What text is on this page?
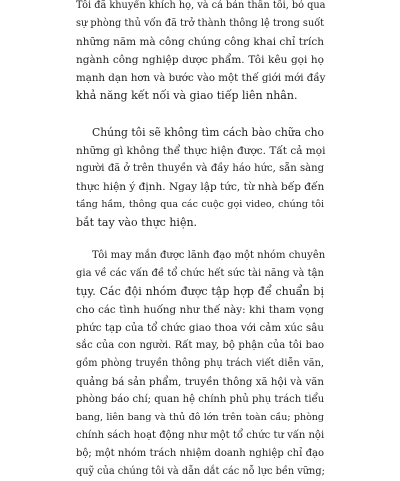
Tôi đã khuyến khích họ, và cả bản thân tôi, bỏ qua
sự phòng thủ vốn đã trở thành thông lệ trong suốt
những năm mà công chúng công khai chỉ trích
ngành công nghiệp dược phẩm. Tôi kêu gọi họ
mạnh dạn hơn và bước vào một thế giới mới đầy
khả năng kết nối và giao tiếp liên nhân.
Chúng tôi sẽ không tìm cách bào chữa cho
những gì không thể thực hiện được. Tất cả mọi
người đã ở trên thuyền và đầy háo hức, sẵn sàng
thực hiện ý định. Ngay lập tức, từ nhà bếp đến
tầng hầm, thông qua các cuộc gọi video, chúng tôi
bắt tay vào thực hiện.
Tôi may mắn được lãnh đạo một nhóm chuyên
gia về các vấn đề tổ chức hết sức tài năng và tận
tụy. Các đội nhóm được tập hợp để chuẩn bị
cho các tình huống như thế này: khi tham vọng
phức tạp của tổ chức giao thoa với cảm xúc sâu
sắc của con người. Rất may, bộ phận của tôi bao
gồm phòng truyền thông phụ trách viết diễn văn,
quảng bá sản phẩm, truyền thông xã hội và văn
phòng báo chí; quan hệ chính phủ phụ trách tiểu
bang, liên bang và thủ đô lớn trên toàn cầu; phòng
chính sách hoạt động như một tổ chức tư vấn nội
bộ; một nhóm trách nhiệm doanh nghiệp chỉ đạo
quỹ của chúng tôi và dẫn dắt các nỗ lực bền vững;
